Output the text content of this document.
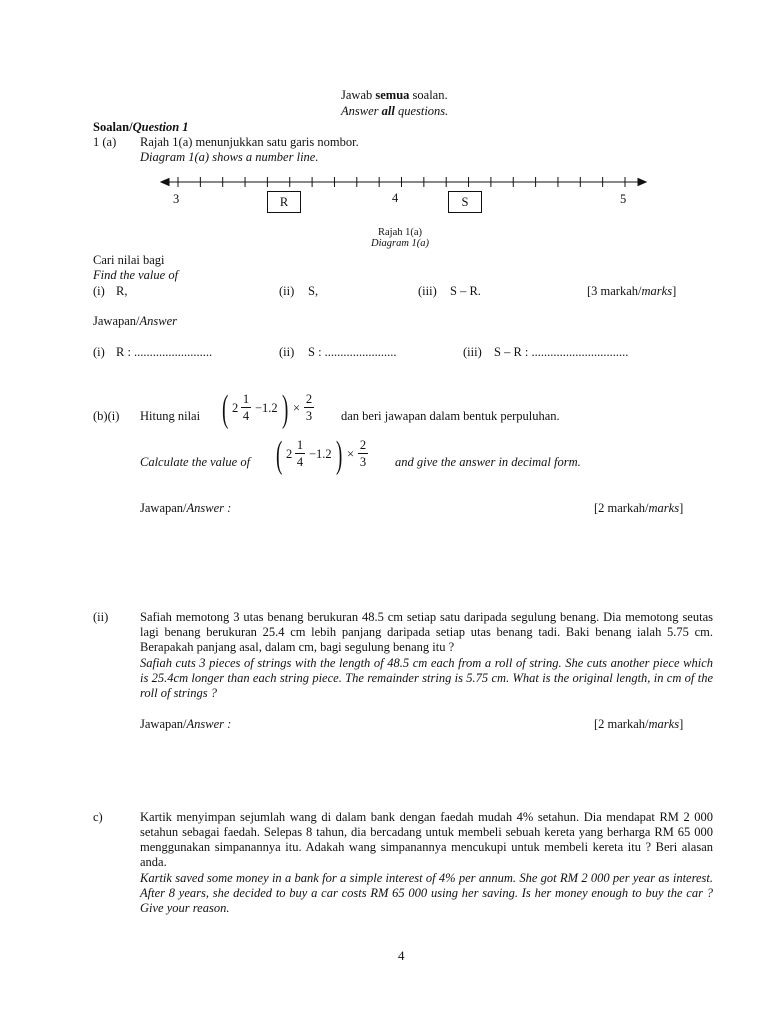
Jawab semua soalan.
Answer all questions.
Soalan/Question 1
1 (a) Rajah 1(a) menunjukkan satu garis nombor.
Diagram 1(a) shows a number line.
3	4	5
R	S
Rajah 1(a)
Diagram 1(a)
Cari nilai bagi
Find the value of
(i) R,	(ii) S,	(iii) S – R.	[3 markah/marks]
Jawapan/Answer
(i) R : .........................	(ii) S : .......................	(iii) S – R : ...............................
(b)(i) Hitung nilai	dan beri jawapan dalam bentuk perpuluhan.
( 2
1
4
−1.2 ) ×
2
3
Calculate the value of	and give the answer in decimal form.
( 2
1
4
−1.2 ) ×
2
3
Jawapan/Answer :	[2 markah/marks]
(ii)	Safiah memotong 3 utas benang berukuran 48.5 cm setiap satu daripada segulung benang. Dia memotong seutas lagi benang berukuran 25.4 cm lebih panjang daripada setiap utas benang tadi. Baki benang ialah 5.75 cm. Berapakah panjang asal, dalam cm, bagi segulung benang itu ?
Safiah cuts 3 pieces of strings with the length of 48.5 cm each from a roll of string. She cuts another piece which is 25.4cm longer than each string piece. The remainder string is 5.75 cm. What is the original length, in cm of the roll of strings ?
Jawapan/Answer :	[2 markah/marks]
c)	Kartik menyimpan sejumlah wang di dalam bank dengan faedah mudah 4% setahun. Dia mendapat RM 2 000 setahun sebagai faedah. Selepas 8 tahun, dia bercadang untuk membeli sebuah kereta yang berharga RM 65 000 menggunakan simpanannya itu. Adakah wang simpanannya mencukupi untuk membeli kereta itu ? Beri alasan anda.
Kartik saved some money in a bank for a simple interest of 4% per annum. She got RM 2 000 per year as interest. After 8 years, she decided to buy a car costs RM 65 000 using her saving. Is her money enough to buy the car ? Give your reason.
4
